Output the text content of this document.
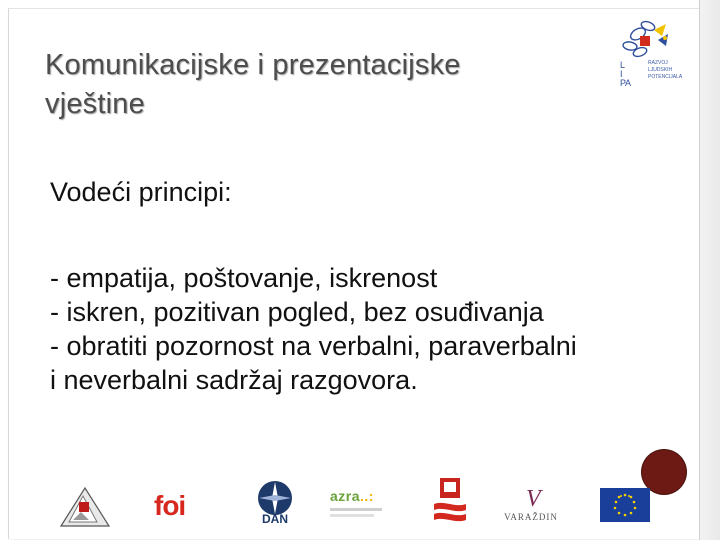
Komunikacijske i prezentacijske
vještine
L
I
P
A
RAZVOJ
LJUDSKIH
POTENCIJALA

Vodeći principi:

- empatija, poštovanje, iskrenost

- iskren, pozitivan pogled, bez osuđivanja

- obratiti pozornost na verbalni, paraverbalni

i neverbalni sadržaj razgovora.

foi	DAN
azra..:	V
VARAŽDIN
